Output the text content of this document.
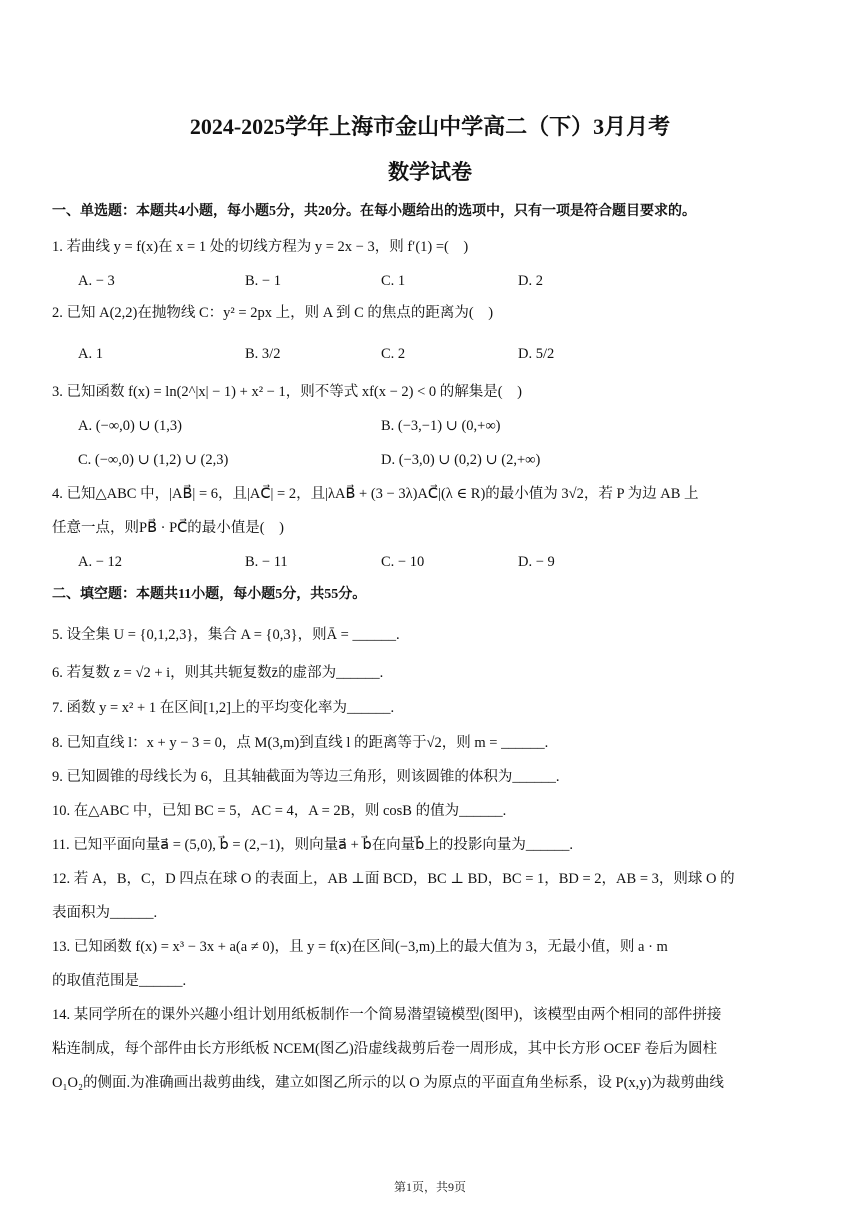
2024-2025学年上海市金山中学高二（下）3月月考
数学试卷
一、单选题：本题共4小题，每小题5分，共20分。在每小题给出的选项中，只有一项是符合题目要求的。
1. 若曲线 y = f(x)在 x = 1 处的切线方程为 y = 2x − 3，则 f′(1) =(　)
A. − 3	B. − 1	C. 1	D. 2
2. 已知 A(2,2)在抛物线 C：y² = 2px 上，则 A 到 C 的焦点的距离为(　)
A. 1	B. 3/2	C. 2	D. 5/2
3. 已知函数 f(x) = ln(2^|x| − 1) + x² − 1，则不等式 xf(x − 2) < 0 的解集是(　)
A. (−∞,0) ∪ (1,3)	B. (−3,−1) ∪ (0,+∞)
C. (−∞,0) ∪ (1,2) ∪ (2,3)	D. (−3,0) ∪ (0,2) ∪ (2,+∞)
4. 已知△ABC 中，|AB⃗| = 6，且|AC⃗| = 2，且|λAB⃗ + (3 − 3λ)AC⃗|(λ ∈ R)的最小值为 3√2，若 P 为边 AB 上
任意一点，则PB⃗ · PC⃗的最小值是(　)
A. − 12	B. − 11	C. − 10	D. − 9
二、填空题：本题共11小题，每小题5分，共55分。
5. 设全集 U = {0,1,2,3}，集合 A = {0,3}，则Ā = ______.
6. 若复数 z = √2 + i，则其共轭复数z̄的虚部为______.
7. 函数 y = x² + 1 在区间[1,2]上的平均变化率为______.
8. 已知直线 l：x + y − 3 = 0，点 M(3,m)到直线 l 的距离等于√2，则 m = ______.
9. 已知圆锥的母线长为 6，且其轴截面为等边三角形，则该圆锥的体积为______.
10. 在△ABC 中，已知 BC = 5，AC = 4，A = 2B，则 cosB 的值为______.
11. 已知平面向量a⃗ = (5,0), b⃗ = (2,−1)，则向量a⃗ + b⃗在向量b⃗上的投影向量为______.
12. 若 A，B，C，D 四点在球 O 的表面上，AB ⊥面 BCD，BC ⊥ BD，BC = 1，BD = 2，AB = 3，则球 O 的
表面积为______.
13. 已知函数 f(x) = x³ − 3x + a(a ≠ 0)，且 y = f(x)在区间(−3,m)上的最大值为 3，无最小值，则 a · m
的取值范围是______.
14. 某同学所在的课外兴趣小组计划用纸板制作一个简易潜望镜模型(图甲)，该模型由两个相同的部件拼接
粘连制成，每个部件由长方形纸板 NCEM(图乙)沿虚线裁剪后卷一周形成，其中长方形 OCEF 卷后为圆柱
O₁O₂的侧面.为准确画出裁剪曲线，建立如图乙所示的以 O 为原点的平面直角坐标系，设 P(x,y)为裁剪曲线
第1页，共9页
